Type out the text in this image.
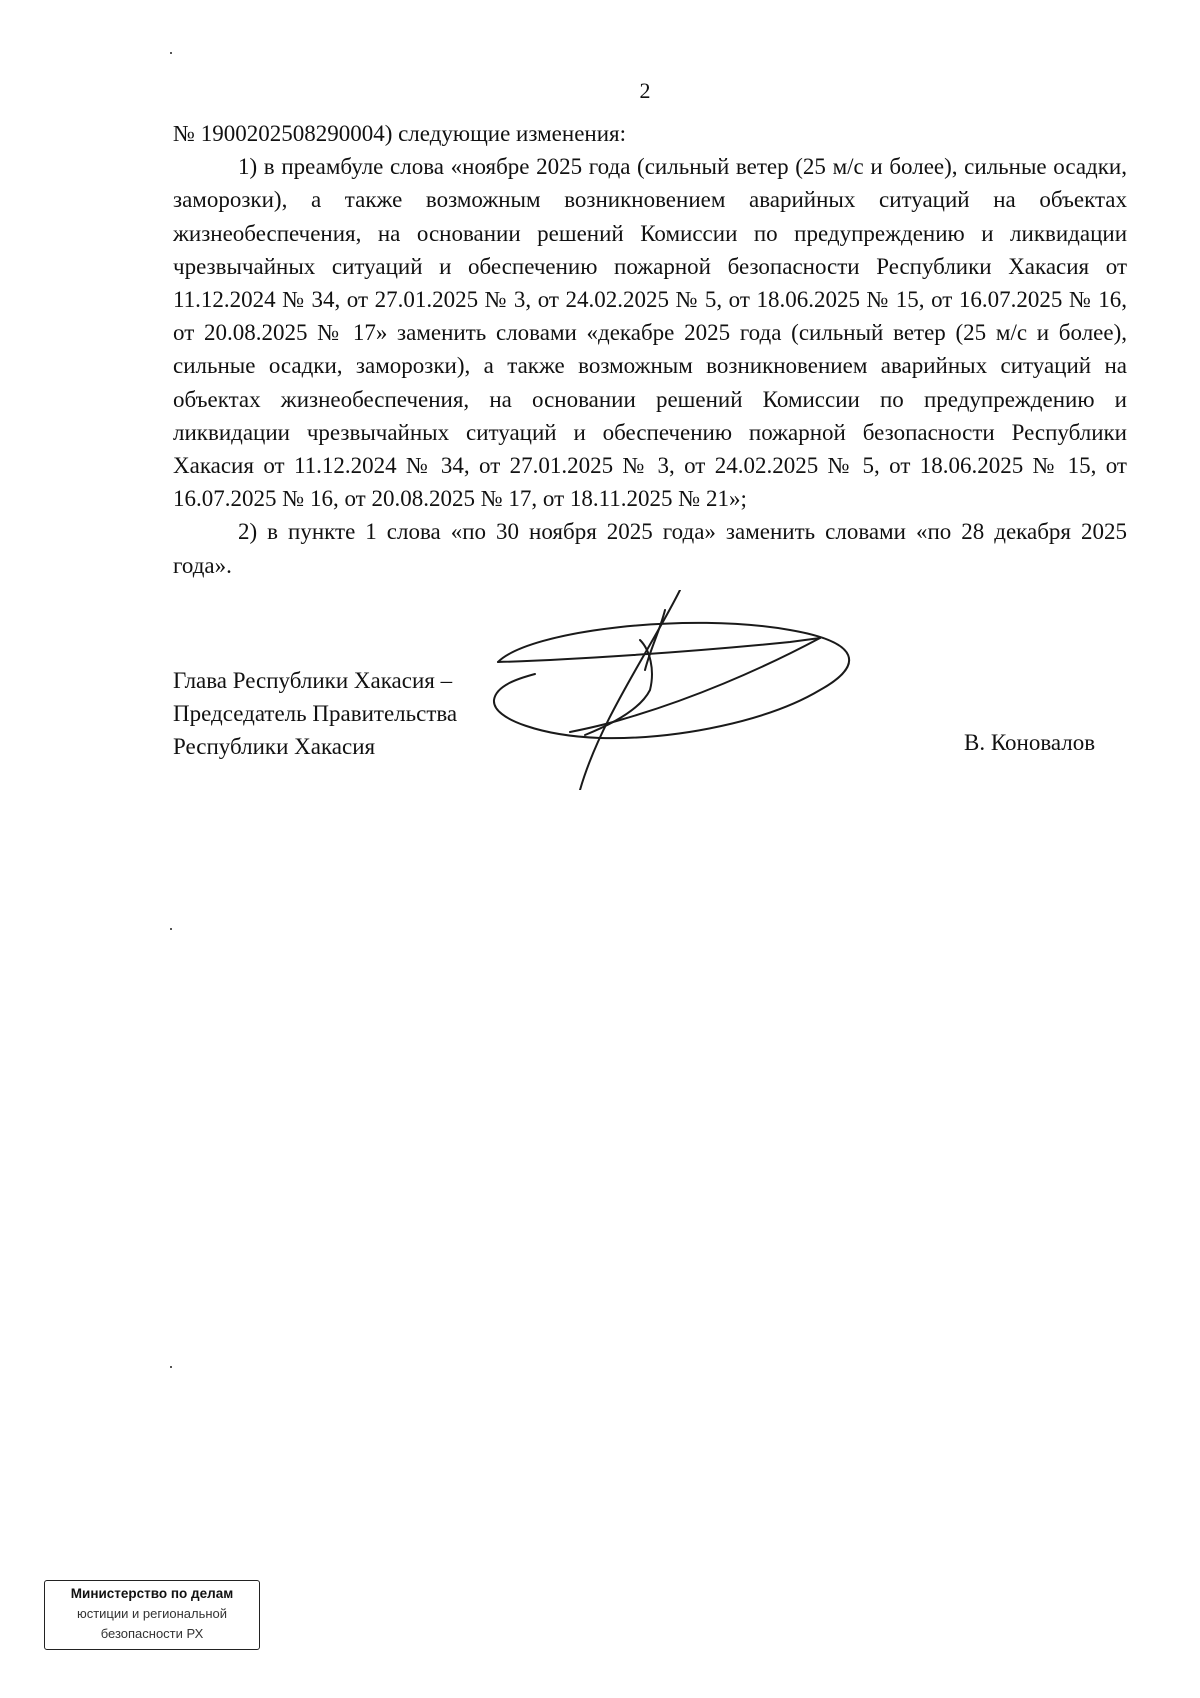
2

№ 1900202508290004) следующие изменения:

1) в преамбуле слова «ноябре 2025 года (сильный ветер (25 м/с и более), сильные осадки, заморозки), а также возможным возникновением аварийных ситуаций на объектах жизнеобеспечения, на основании решений Комиссии по предупреждению и ликвидации чрезвычайных ситуаций и обеспечению пожарной безопасности Республики Хакасия от 11.12.2024 № 34, от 27.01.2025 № 3, от 24.02.2025 № 5, от 18.06.2025 № 15, от 16.07.2025 № 16, от 20.08.2025 № 17» заменить словами «декабре 2025 года (сильный ветер (25 м/с и более), сильные осадки, заморозки), а также возможным возникновением аварийных ситуаций на объектах жизнеобеспечения, на основании решений Комиссии по предупреждению и ликвидации чрезвычайных ситуаций и обеспечению пожарной безопасности Республики Хакасия от 11.12.2024 № 34, от 27.01.2025 № 3, от 24.02.2025 № 5, от 18.06.2025 № 15, от 16.07.2025 № 16, от 20.08.2025 № 17, от 18.11.2025 № 21»;

2) в пункте 1 слова «по 30 ноября 2025 года» заменить словами «по 28 декабря 2025 года».

Глава Республики Хакасия –
Председатель Правительства
Республики Хакасия	В. Коновалов
Министерство по делам
юстиции и региональной
безопасности РХ
